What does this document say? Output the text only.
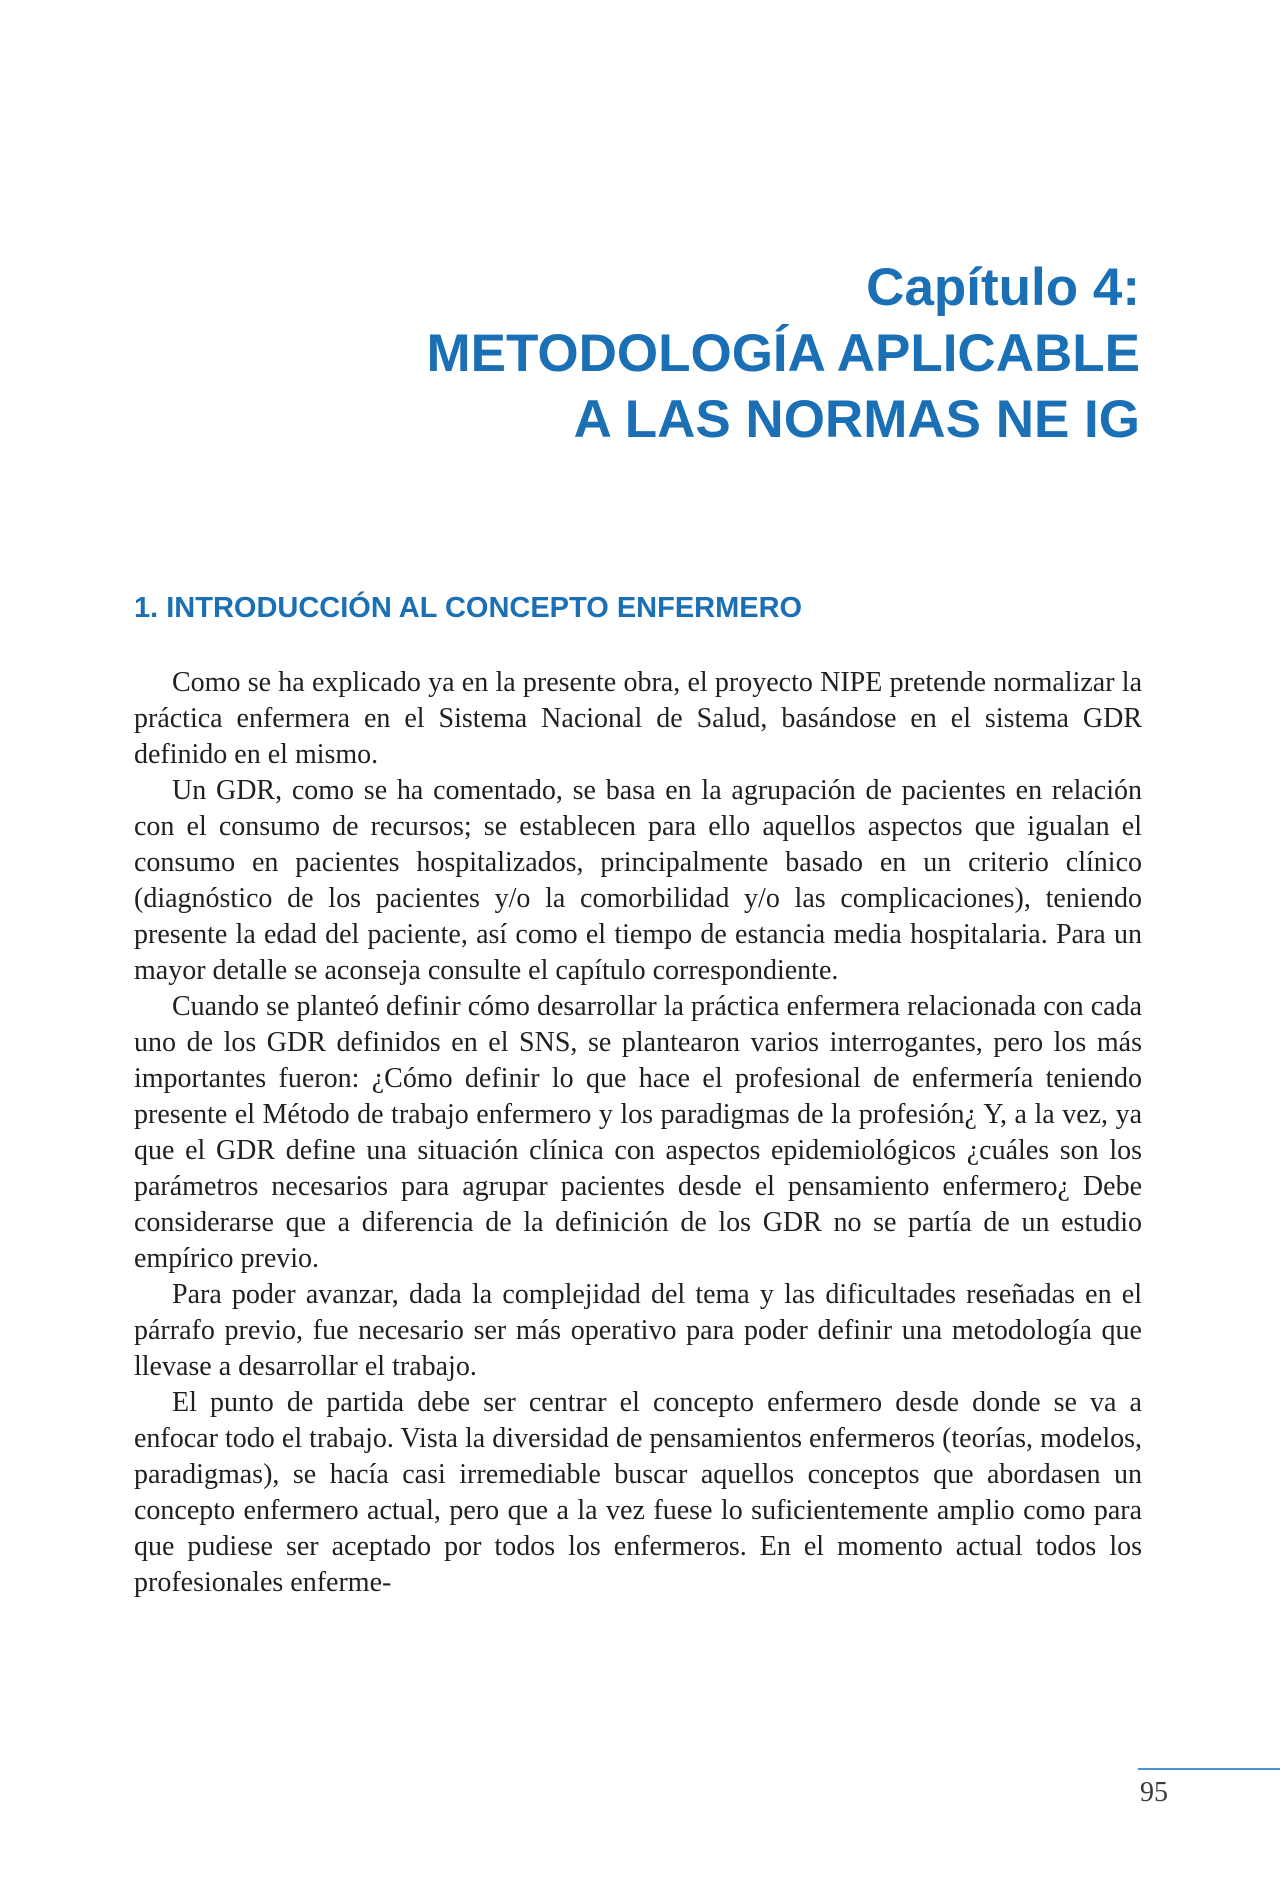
Capítulo 4:
METODOLOGÍA APLICABLE
A LAS NORMAS NE IG
1. INTRODUCCIÓN AL CONCEPTO ENFERMERO

Como se ha explicado ya en la presente obra, el proyecto NIPE pretende normalizar la práctica enfermera en el Sistema Nacional de Salud, basándose en el sistema GDR definido en el mismo.

Un GDR, como se ha comentado, se basa en la agrupación de pacientes en relación con el consumo de recursos; se establecen para ello aquellos aspectos que igualan el consumo en pacientes hospitalizados, principalmente basado en un criterio clínico (diagnóstico de los pacientes y/o la comorbilidad y/o las complicaciones), teniendo presente la edad del paciente, así como el tiempo de estancia media hospitalaria. Para un mayor detalle se aconseja consulte el capítulo correspondiente.

Cuando se planteó definir cómo desarrollar la práctica enfermera relacionada con cada uno de los GDR definidos en el SNS, se plantearon varios interrogantes, pero los más importantes fueron: ¿Cómo definir lo que hace el profesional de enfermería teniendo presente el Método de trabajo enfermero y los paradigmas de la profesión¿ Y, a la vez, ya que el GDR define una situación clínica con aspectos epidemiológicos ¿cuáles son los parámetros necesarios para agrupar pacientes desde el pensamiento enfermero¿ Debe considerarse que a diferencia de la definición de los GDR no se partía de un estudio empírico previo.

Para poder avanzar, dada la complejidad del tema y las dificultades reseñadas en el párrafo previo, fue necesario ser más operativo para poder definir una metodología que llevase a desarrollar el trabajo.

El punto de partida debe ser centrar el concepto enfermero desde donde se va a enfocar todo el trabajo. Vista la diversidad de pensamientos enfermeros (teorías, modelos, paradigmas), se hacía casi irremediable buscar aquellos conceptos que abordasen un concepto enfermero actual, pero que a la vez fuese lo suficientemente amplio como para que pudiese ser aceptado por todos los enfermeros. En el momento actual todos los profesionales enferme-

95
